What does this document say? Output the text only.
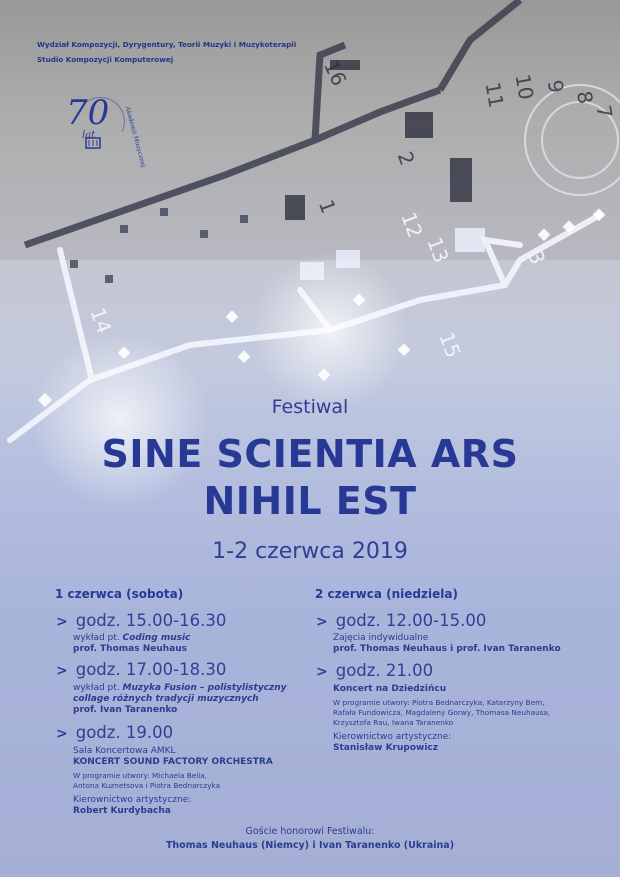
16
11 10 9
8
7
1
2
12
13	3
14
15
Wydział Kompozycji, Dyrygentury, Teorii Muzyki i Muzykoterapii
Studio Kompozycji Komputerowej
70
lat	Akademii Muzycznej
Festiwal
SINE SCIENTIA ARS
NIHIL EST
1-2 czerwca 2019
1 czerwca (sobota)
> godz. 15.00-16.30
wykład pt. Coding music
prof. Thomas Neuhaus
> godz. 17.00-18.30
wykład pt. Muzyka Fusion – polistylistyczny
collage różnych tradycji muzycznych
prof. Ivan Taranenko
> godz. 19.00
Sala Koncertowa AMKL
KONCERT SOUND FACTORY ORCHESTRA
W programie utwory: Michaela Belia,
Antona Kuznetsova i Piotra Bednarczyka
Kierownictwo artystyczne:
Robert Kurdybacha
2 czerwca (niedziela)
> godz. 12.00-15.00
Zajęcia indywidualne
prof. Thomas Neuhaus i prof. Ivan Taranenko
> godz. 21.00
Koncert na Dziedzińcu
W programie utwory: Piotra Bednarczyka, Katarzyny Bem,
Rafała Fundowicza, Magdaleny Gorwy, Thomasa Neuhausa,
Krzysztofa Rau, Iwana Taranenko
Kierownictwo artystyczne:
Stanisław Krupowicz
Goście honorowi Festiwalu:
Thomas Neuhaus (Niemcy) i Ivan Taranenko (Ukraina)
